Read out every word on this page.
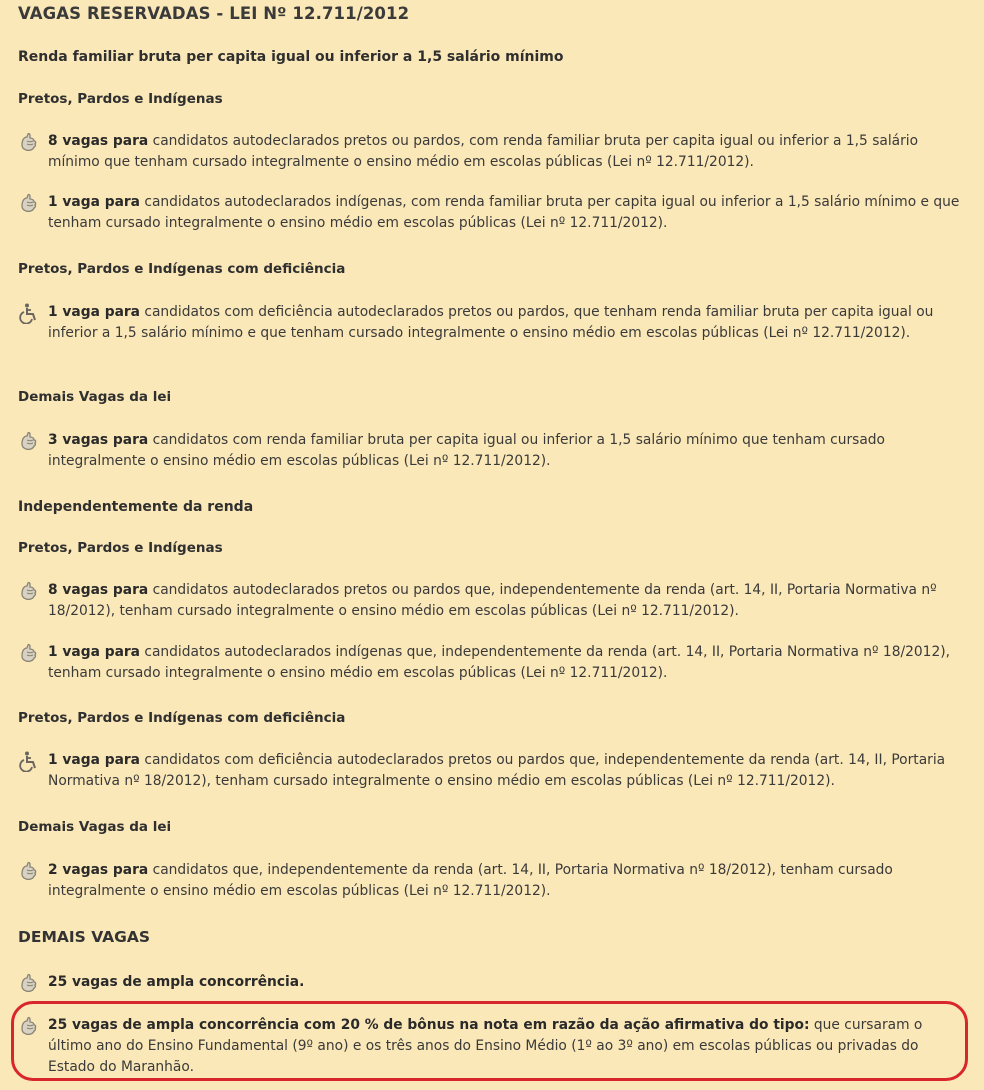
VAGAS RESERVADAS - LEI Nº 12.711/2012
Renda familiar bruta per capita igual ou inferior a 1,5 salário mínimo
Pretos, Pardos e Indígenas
8 vagas para candidatos autodeclarados pretos ou pardos, com renda familiar bruta per capita igual ou inferior a 1,5 salário mínimo que tenham cursado integralmente o ensino médio em escolas públicas (Lei nº 12.711/2012).
1 vaga para candidatos autodeclarados indígenas, com renda familiar bruta per capita igual ou inferior a 1,5 salário mínimo e que tenham cursado integralmente o ensino médio em escolas públicas (Lei nº 12.711/2012).
Pretos, Pardos e Indígenas com deficiência
1 vaga para candidatos com deficiência autodeclarados pretos ou pardos, que tenham renda familiar bruta per capita igual ou inferior a 1,5 salário mínimo e que tenham cursado integralmente o ensino médio em escolas públicas (Lei nº 12.711/2012).
Demais Vagas da lei
3 vagas para candidatos com renda familiar bruta per capita igual ou inferior a 1,5 salário mínimo que tenham cursado integralmente o ensino médio em escolas públicas (Lei nº 12.711/2012).
Independentemente da renda
Pretos, Pardos e Indígenas
8 vagas para candidatos autodeclarados pretos ou pardos que, independentemente da renda (art. 14, II, Portaria Normativa nº 18/2012), tenham cursado integralmente o ensino médio em escolas públicas (Lei nº 12.711/2012).
1 vaga para candidatos autodeclarados indígenas que, independentemente da renda (art. 14, II, Portaria Normativa nº 18/2012), tenham cursado integralmente o ensino médio em escolas públicas (Lei nº 12.711/2012).
Pretos, Pardos e Indígenas com deficiência
1 vaga para candidatos com deficiência autodeclarados pretos ou pardos que, independentemente da renda (art. 14, II, Portaria Normativa nº 18/2012), tenham cursado integralmente o ensino médio em escolas públicas (Lei nº 12.711/2012).
Demais Vagas da lei
2 vagas para candidatos que, independentemente da renda (art. 14, II, Portaria Normativa nº 18/2012), tenham cursado integralmente o ensino médio em escolas públicas (Lei nº 12.711/2012).
DEMAIS VAGAS
25 vagas de ampla concorrência.
25 vagas de ampla concorrência com 20 % de bônus na nota em razão da ação afirmativa do tipo: que cursaram o último ano do Ensino Fundamental (9º ano) e os três anos do Ensino Médio (1º ao 3º ano) em escolas públicas ou privadas do Estado do Maranhão.
